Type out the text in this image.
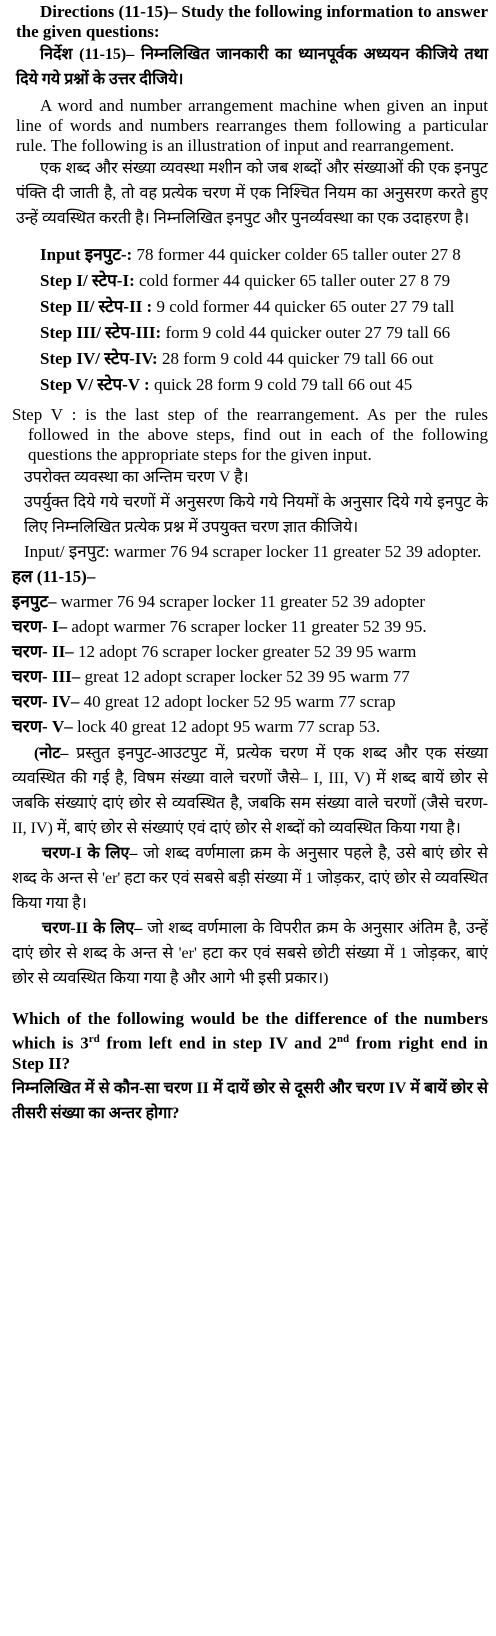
Directions (11-15)– Study the following information to answer the given questions:

निर्देश (11-15)– निम्नलिखित जानकारी का ध्यानपूर्वक अध्ययन कीजिये तथा दिये गये प्रश्नों के उत्तर दीजिये।

A word and number arrangement machine when given an input line of words and numbers rearranges them following a particular rule. The following is an illustration of input and rearrangement.

एक शब्द और संख्या व्यवस्था मशीन को जब शब्दों और संख्याओं की एक इनपुट पंक्ति दी जाती है, तो वह प्रत्येक चरण में एक निश्चित नियम का अनुसरण करते हुए उन्हें व्यवस्थित करती है। निम्नलिखित इनपुट और पुनर्व्यवस्था का एक उदाहरण है।

Input इनपुट-: 78 former 44 quicker colder 65 taller outer 27 8
Step I/ स्टेप-I: cold former 44 quicker 65 taller outer 27 8 79
Step II/ स्टेप-II : 9 cold former 44 quicker 65 outer 27 79 tall
Step III/ स्टेप-III: form 9 cold 44 quicker outer 27 79 tall 66
Step IV/ स्टेप-IV: 28 form 9 cold 44 quicker 79 tall 66 out
Step V/ स्टेप-V : quick 28 form 9 cold 79 tall 66 out 45

Step V : is the last step of the rearrangement. As per the rules followed in the above steps, find out in each of the following questions the appropriate steps for the given input.

उपरोक्त व्यवस्था का अन्तिम चरण V है।

उपर्युक्त दिये गये चरणों में अनुसरण किये गये नियमों के अनुसार दिये गये इनपुट के लिए निम्नलिखित प्रत्येक प्रश्न में उपयुक्त चरण ज्ञात कीजिये।

Input/ इनपुट: warmer 76 94 scraper locker 11 greater 52 39 adopter.

हल (11-15)–

इनपुट– warmer 76 94 scraper locker 11 greater 52 39 adopter
चरण- I– adopt warmer 76 scraper locker 11 greater 52 39 95.
चरण- II– 12 adopt 76 scraper locker greater 52 39 95 warm
चरण- III– great 12 adopt scraper locker 52 39 95 warm 77
चरण- IV– 40 great 12 adopt locker 52 95 warm 77 scrap
चरण- V– lock 40 great 12 adopt 95 warm 77 scrap 53.

(नोट– प्रस्तुत इनपुट-आउटपुट में, प्रत्येक चरण में एक शब्द और एक संख्या व्यवस्थित की गई है, विषम संख्या वाले चरणों जैसे– I, III, V) में शब्द बायें छोर से जबकि संख्याएं दाएं छोर से व्यवस्थित है, जबकि सम संख्या वाले चरणों (जैसे चरण- II, IV) में, बाएं छोर से संख्याएं एवं दाएं छोर से शब्दों को व्यवस्थित किया गया है।

चरण-I के लिए– जो शब्द वर्णमाला क्रम के अनुसार पहले है, उसे बाएं छोर से शब्द के अन्त से 'er' हटा कर एवं सबसे बड़ी संख्या में 1 जोड़कर, दाएं छोर से व्यवस्थित किया गया है।

चरण-II के लिए– जो शब्द वर्णमाला के विपरीत क्रम के अनुसार अंतिम है, उन्हें दाएं छोर से शब्द के अन्त से 'er' हटा कर एवं सबसे छोटी संख्या में 1 जोड़कर, बाएं छोर से व्यवस्थित किया गया है और आगे भी इसी प्रकार।)

Which of the following would be the difference of the numbers which is 3rd from left end in step IV and 2nd from right end in Step II?

निम्नलिखित में से कौन-सा चरण II में दायें छोर से दूसरी और चरण IV में बायें छोर से तीसरी संख्या का अन्तर होगा?
